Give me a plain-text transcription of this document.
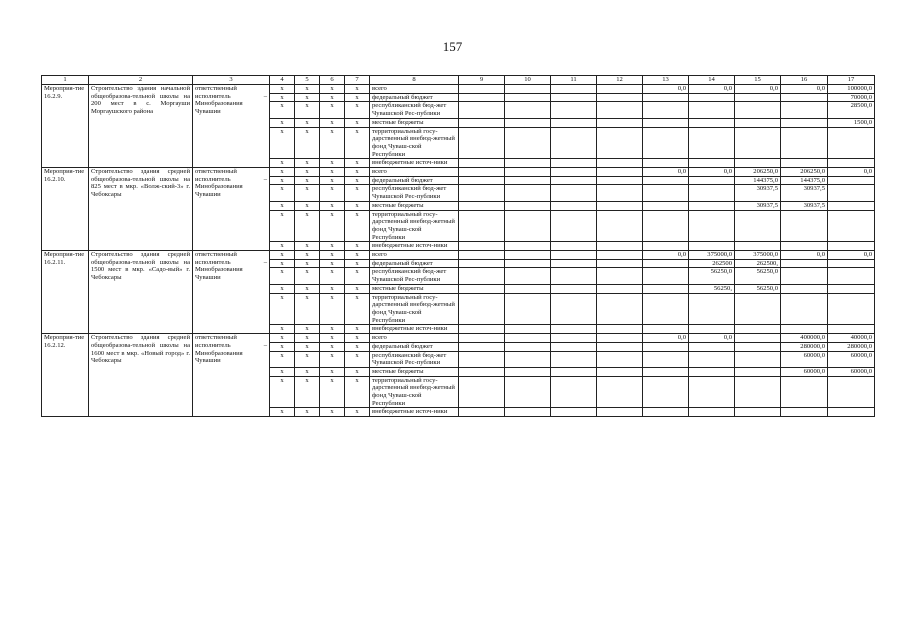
157
1	2	3	4	5	6	7	8	9	10	11	12	13	14	15	16	17
Мероприя-тие 16.2.9.	Строительство здания начальной общеобразова-тельной школы на 200 мест в с. Моргауши Моргаушского района	ответственный исполнитель – Минобразования Чувашии	x	x	x	x	всего					0,0	0,0	0,0	0,0	100000,0
			x	x	x	x	федеральный бюджет									70000,0
			x	x	x	x	республиканский бюд-жет Чувашской Рес-публики									28500,0
			x	x	x	x	местные бюджеты									1500,0
			x	x	x	x	территориальный госу-дарственный внебюд-жетный фонд Чуваш-ской Республики									
			x	x	x	x	внебюджетные источ-ники									
Мероприя-тие 16.2.10.	Строительство здания средней общеобразова-тельной школы на 825 мест в мкр. «Волж-ский-3» г. Чебоксары	ответственный исполнитель – Минобразования Чувашии	x	x	x	x	всего					0,0	0,0	206250,0	206250,0	0,0
			x	x	x	x	федеральный бюджет							144375,0	144375,0	
			x	x	x	x	республиканский бюд-жет Чувашской Рес-публики							30937,5	30937,5	
			x	x	x	x	местные бюджеты							30937,5	30937,5	
			x	x	x	x	территориальный госу-дарственный внебюд-жетный фонд Чуваш-ской Республики									
			x	x	x	x	внебюджетные источ-ники									
Мероприя-тие 16.2.11.	Строительство здания средней общеобразова-тельной школы на 1500 мест в мкр. «Садо-вый» г. Чебоксары	ответственный исполнитель – Минобразования Чувашии	x	x	x	x	всего					0,0	375000,0	375000,0	0,0	0,0
			x	x	x	x	федеральный бюджет						262500	262500,		
			x	x	x	x	республиканский бюд-жет Чувашской Рес-публики						56250,0	56250,0		
			x	x	x	x	местные бюджеты						56250,	56250,0		
			x	x	x	x	территориальный госу-дарственный внебюд-жетный фонд Чуваш-ской Республики									
			x	x	x	x	внебюджетные источ-ники									
Мероприя-тие 16.2.12.	Строительство здания средней общеобразова-тельной школы на 1600 мест в мкр. «Новый город» г. Чебоксары	ответственный исполнитель – Минобразования Чувашии	x	x	x	x	всего					0,0	0,0		400000,0	40000,0
			x	x	x	x	федеральный бюджет								280000,0	280000,0
			x	x	x	x	республиканский бюд-жет Чувашской Рес-публики								60000,0	60000,0
			x	x	x	x	местные бюджеты								60000,0	60000,0
			x	x	x	x	территориальный госу-дарственный внебюд-жетный фонд Чуваш-ской Республики									
			x	x	x	x	внебюджетные источ-ники									
